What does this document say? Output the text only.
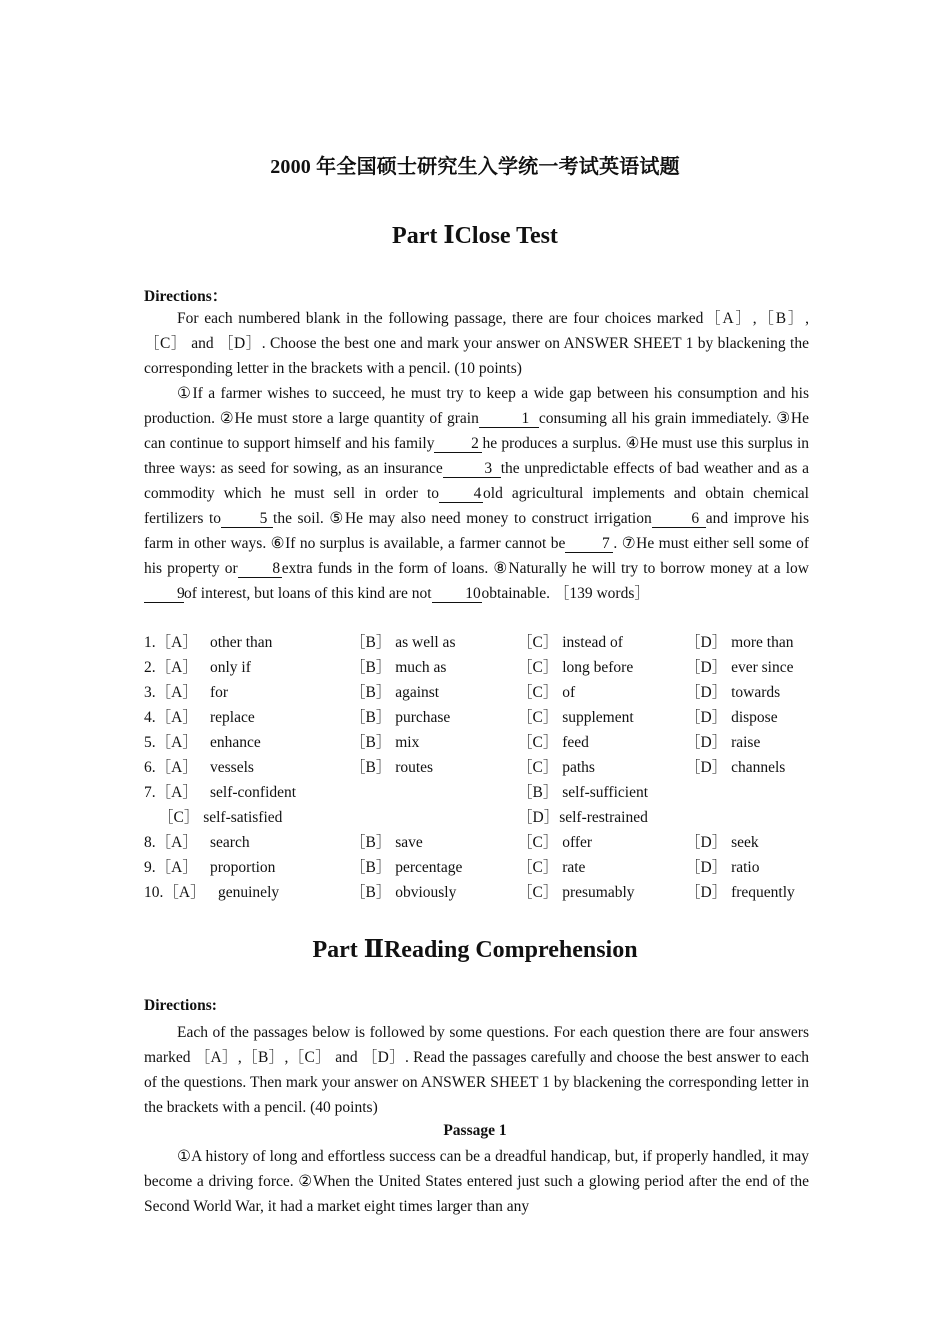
2000 年全国硕士研究生入学统一考试英语试题
Part ⅠClose Test
Directions：

For each numbered blank in the following passage, there are four choices marked［A］,［B］,［C］ and ［D］. Choose the best one and mark your answer on ANSWER SHEET 1 by blackening the corresponding letter in the brackets with a pencil. (10 points)

①If a farmer wishes to succeed, he must try to keep a wide gap between his consumption and his production. ②He must store a large quantity of grain	1 consuming all his grain immediately. ③He can continue to support himself and his family 2 he produces a surplus. ④He must use this surplus in three ways: as seed for sowing, as an insurance	3 the unpredictable effects of bad weather and as a commodity which he must sell in order to 4 old agricultural implements and obtain chemical fertilizers to 5 the soil. ⑤He may also need money to construct irrigation	6 and improve his farm in other ways. ⑥If no surplus is available, a farmer cannot be 7 . ⑦He must either sell some of his property or 8 extra funds in the form of loans. ⑧Naturally he will try to borrow money at a low9of interest, but loans of this kind are not 10obtainable. ［139 words］

1.［A］ other than	［B］ as well as	［C］ instead of	［D］ more than
2.［A］ only if	［B］ much as	［C］ long before	［D］ ever since
3.［A］ for	［B］ against	［C］ of	［D］ towards
4.［A］ replace	［B］ purchase	［C］ supplement	［D］ dispose
5.［A］ enhance	［B］ mix	［C］ feed	［D］ raise
6.［A］ vessels	［B］ routes	［C］ paths	［D］ channels
7.［A］ self-confident	［B］ self-sufficient
［C］ self-satisfied	［D］self-restrained
8.［A］ search	［B］ save	［C］ offer	［D］ seek
9.［A］ proportion	［B］ percentage	［C］ rate	［D］ ratio
10.［A］ genuinely	［B］ obviously	［C］ presumably	［D］ frequently
Part ⅡReading Comprehension
Directions:

Each of the passages below is followed by some questions. For each question there are four answers marked ［A］,［B］,［C］ and ［D］. Read the passages carefully and choose the best answer to each of the questions. Then mark your answer on ANSWER SHEET 1 by blackening the corresponding letter in the brackets with a pencil. (40 points)

Passage 1

①A history of long and effortless success can be a dreadful handicap, but, if properly handled, it may become a driving force. ②When the United States entered just such a glowing period after the end of the Second World War, it had a market eight times larger than any
